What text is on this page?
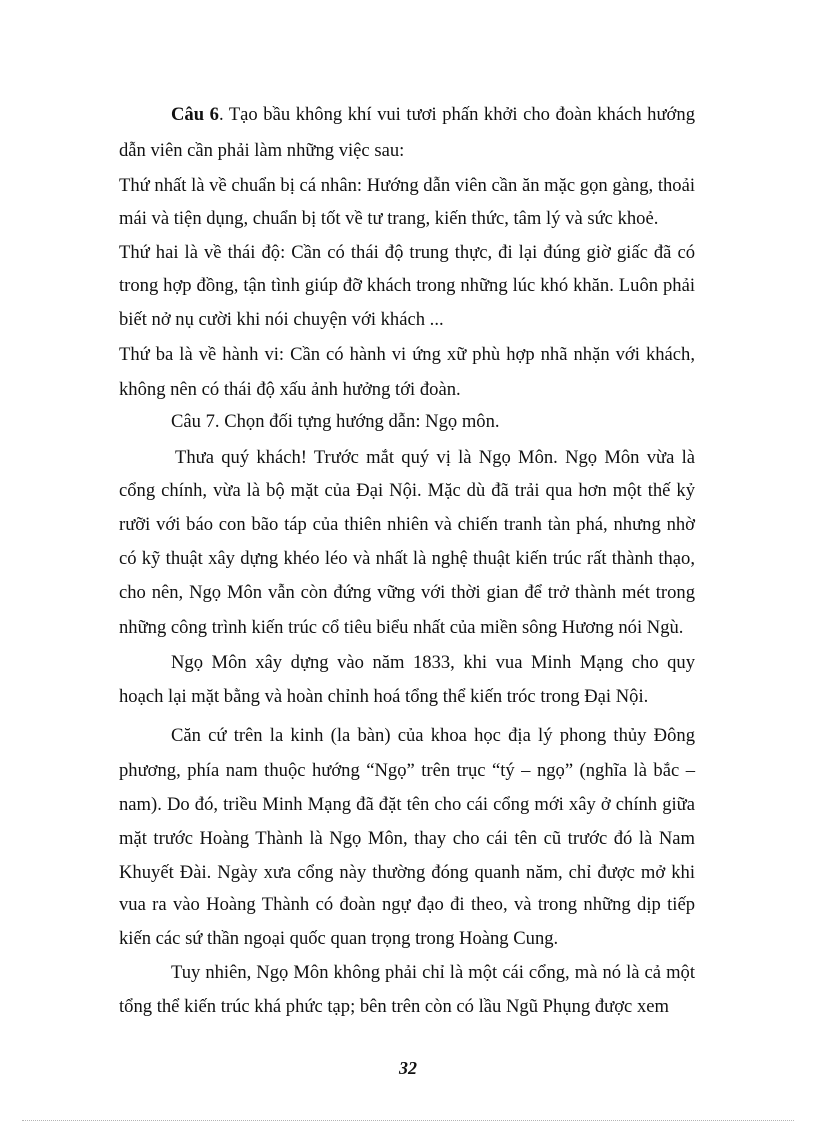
Câu 6. Tạo bầu không khí vui tươi phấn khởi cho đoàn khách hướng

dẫn viên cần phải làm những việc sau:

Thứ nhất là về chuẩn bị cá nhân: Hướng dẫn viên cần ăn mặc gọn gàng, thoải

mái và tiện dụng, chuẩn bị tốt về tư trang, kiến thức, tâm lý và sức khoẻ.

Thứ hai là về thái độ: Cần có thái độ trung thực, đi lại đúng giờ giấc đã có

trong hợp đồng, tận tình giúp đỡ khách trong những lúc khó khăn. Luôn phải

biết nở nụ cười khi nói chuyện với khách ...

Thứ ba là về hành vi: Cần có hành vi ứng xữ phù hợp nhã nhặn với khách,

không nên có thái độ xấu ảnh hưởng tới đoàn.

Câu 7. Chọn đối tựng hướng dẫn: Ngọ môn.

Thưa quý khách! Trước mắt quý vị là Ngọ Môn. Ngọ Môn vừa là

cổng chính, vừa là bộ mặt của Đại Nội. Mặc dù đã trải qua hơn một thế kỷ

rưỡi với báo con bão táp của thiên nhiên và chiến tranh tàn phá, nhưng nhờ

có kỹ thuật xây dựng khéo léo và nhất là nghệ thuật kiến trúc rất thành thạo,

cho nên, Ngọ Môn vẫn còn đứng vững với thời gian để trở thành mét trong

những công trình kiến trúc cổ tiêu biểu nhất của miền sông Hương nói Ngù.

Ngọ Môn xây dựng vào năm 1833, khi vua Minh Mạng cho quy

hoạch lại mặt bằng và hoàn chỉnh hoá tổng thể kiến tróc trong Đại Nội.

Căn cứ trên la kinh (la bàn) của khoa học địa lý phong thủy Đông

phương, phía nam thuộc hướng “Ngọ” trên trục “tý – ngọ” (nghĩa là bắc –

nam). Do đó, triều Minh Mạng đã đặt tên cho cái cổng mới xây ở chính giữa

mặt trước Hoàng Thành là Ngọ Môn, thay cho cái tên cũ trước đó là Nam

Khuyết Đài. Ngày xưa cổng này thường đóng quanh năm, chỉ được mở khi

vua ra vào Hoàng Thành có đoàn ngự đạo đi theo, và trong những dịp tiếp

kiến các sứ thần ngoại quốc quan trọng trong Hoàng Cung.

Tuy nhiên, Ngọ Môn không phải chỉ là một cái cổng, mà nó là cả một

tổng thể kiến trúc khá phức tạp; bên trên còn có lầu Ngũ Phụng được xem

32
